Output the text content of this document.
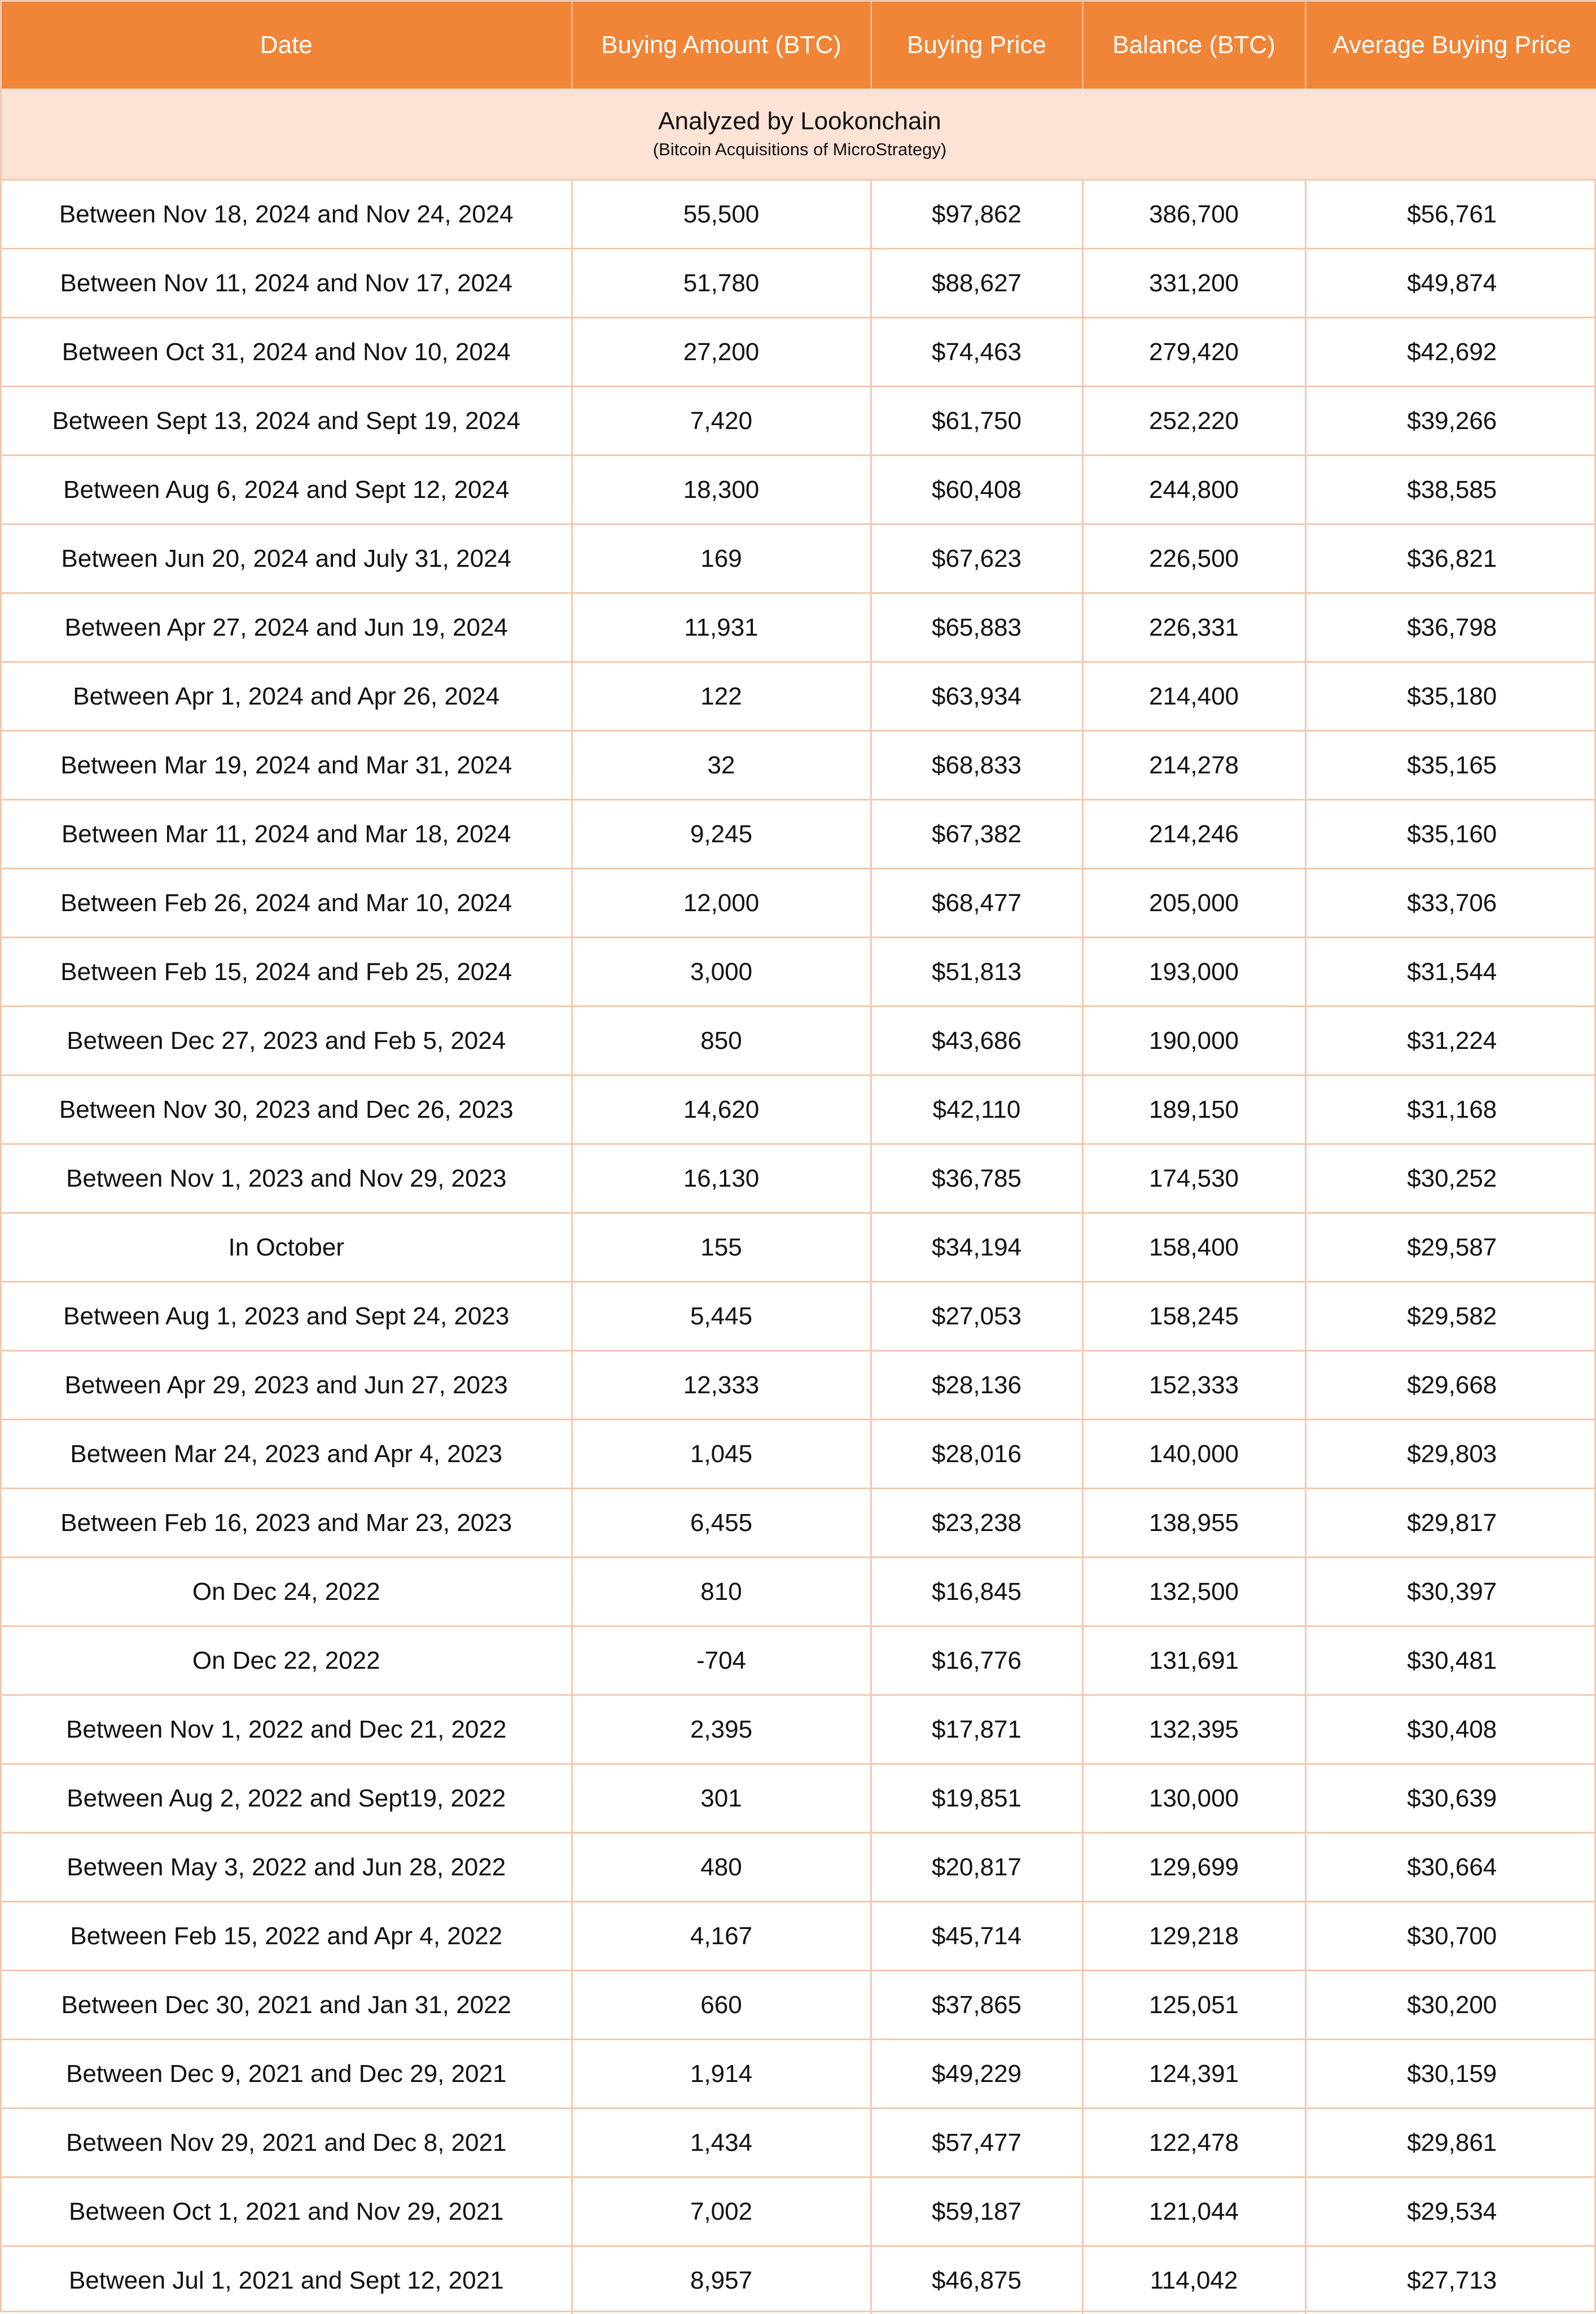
Date	Buying Amount (BTC)	Buying Price	Balance (BTC)	Average Buying Price

Analyzed by Lookonchain
(Bitcoin Acquisitions of MicroStrategy)				

Between Nov 18, 2024 and Nov 24, 2024	55,500	$97,862	386,700	$56,761
Between Nov 11, 2024 and Nov 17, 2024	51,780	$88,627	331,200	$49,874
Between Oct 31, 2024 and Nov 10, 2024	27,200	$74,463	279,420	$42,692
Between Sept 13, 2024 and Sept 19, 2024	7,420	$61,750	252,220	$39,266
Between Aug 6, 2024 and Sept 12, 2024	18,300	$60,408	244,800	$38,585
Between Jun 20, 2024 and July 31, 2024	169	$67,623	226,500	$36,821
Between Apr 27, 2024 and Jun 19, 2024	11,931	$65,883	226,331	$36,798
Between Apr 1, 2024 and Apr 26, 2024	122	$63,934	214,400	$35,180
Between Mar 19, 2024 and Mar 31, 2024	32	$68,833	214,278	$35,165
Between Mar 11, 2024 and Mar 18, 2024	9,245	$67,382	214,246	$35,160
Between Feb 26, 2024 and Mar 10, 2024	12,000	$68,477	205,000	$33,706
Between Feb 15, 2024 and Feb 25, 2024	3,000	$51,813	193,000	$31,544
Between Dec 27, 2023 and Feb 5, 2024	850	$43,686	190,000	$31,224
Between Nov 30, 2023 and Dec 26, 2023	14,620	$42,110	189,150	$31,168
Between Nov 1, 2023 and Nov 29, 2023	16,130	$36,785	174,530	$30,252
In October	155	$34,194	158,400	$29,587
Between Aug 1, 2023 and Sept 24, 2023	5,445	$27,053	158,245	$29,582
Between Apr 29, 2023 and Jun 27, 2023	12,333	$28,136	152,333	$29,668
Between Mar 24, 2023 and Apr 4, 2023	1,045	$28,016	140,000	$29,803
Between Feb 16, 2023 and Mar 23, 2023	6,455	$23,238	138,955	$29,817
On Dec 24, 2022	810	$16,845	132,500	$30,397
On Dec 22, 2022	-704	$16,776	131,691	$30,481
Between Nov 1, 2022 and Dec 21, 2022	2,395	$17,871	132,395	$30,408
Between Aug 2, 2022 and Sept19, 2022	301	$19,851	130,000	$30,639
Between May 3, 2022 and Jun 28, 2022	480	$20,817	129,699	$30,664
Between Feb 15, 2022 and Apr 4, 2022	4,167	$45,714	129,218	$30,700
Between Dec 30, 2021 and Jan 31, 2022	660	$37,865	125,051	$30,200
Between Dec 9, 2021 and Dec 29, 2021	1,914	$49,229	124,391	$30,159
Between Nov 29, 2021 and Dec 8, 2021	1,434	$57,477	122,478	$29,861
Between Oct 1, 2021 and Nov 29, 2021	7,002	$59,187	121,044	$29,534
Between Jul 1, 2021 and Sept 12, 2021	8,957	$46,875	114,042	$27,713
